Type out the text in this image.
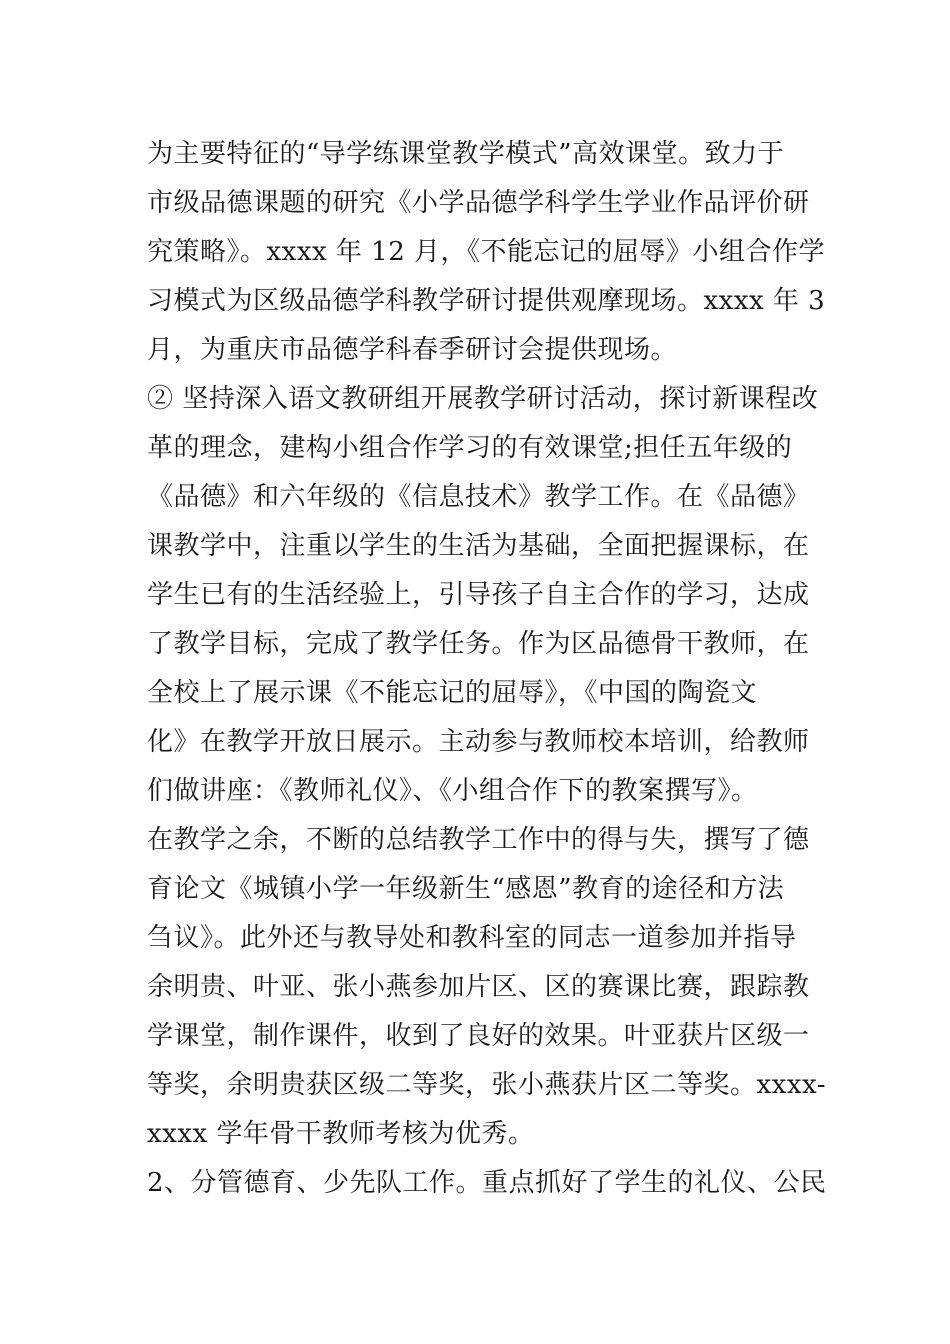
为主要特征的“导学练课堂教学模式”高效课堂。致力于
市级品德课题的研究《小学品德学科学生学业作品评价研
究策略》。xxxx 年 12 月，《不能忘记的屈辱》小组合作学
习模式为区级品德学科教学研讨提供观摩现场。xxxx 年 3
月，为重庆市品德学科春季研讨会提供现场。
② 坚持深入语文教研组开展教学研讨活动，探讨新课程改
革的理念，建构小组合作学习的有效课堂;担任五年级的
《品德》和六年级的《信息技术》教学工作。在《品德》
课教学中，注重以学生的生活为基础，全面把握课标，在
学生已有的生活经验上，引导孩子自主合作的学习，达成
了教学目标，完成了教学任务。作为区品德骨干教师，在
全校上了展示课《不能忘记的屈辱》，《中国的陶瓷文
化》在教学开放日展示。主动参与教师校本培训，给教师
们做讲座：《教师礼仪》、《小组合作下的教案撰写》。
在教学之余，不断的总结教学工作中的得与失，撰写了德
育论文《城镇小学一年级新生“感恩”教育的途径和方法
刍议》。此外还与教导处和教科室的同志一道参加并指导
余明贵、叶亚、张小燕参加片区、区的赛课比赛，跟踪教
学课堂，制作课件，收到了良好的效果。叶亚获片区级一
等奖，余明贵获区级二等奖，张小燕获片区二等奖。xxxx-
xxxx 学年骨干教师考核为优秀。
2、分管德育、少先队工作。重点抓好了学生的礼仪、公民
